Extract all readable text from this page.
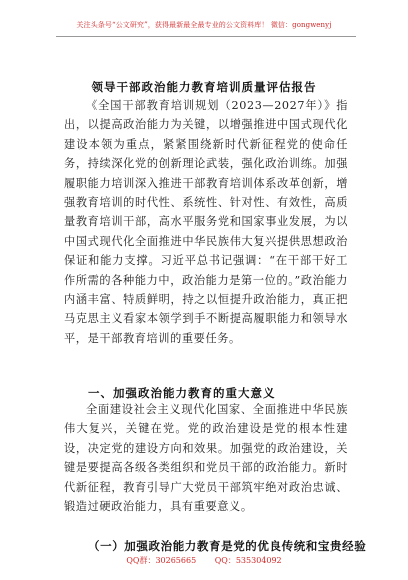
关注头条号“公文研究”，获得最新最全最专业的公文资料库！ 微信：gongwenyj
领导干部政治能力教育培训质量评估报告
《全国干部教育培训规划（2023—2027年）》指出，以提高政治能力为关键，以增强推进中国式现代化建设本领为重点，紧紧围绕新时代新征程党的使命任务，持续深化党的创新理论武装，强化政治训练。加强履职能力培训深入推进干部教育培训体系改革创新，增强教育培训的时代性、系统性、针对性、有效性，高质量教育培训干部，高水平服务党和国家事业发展，为以中国式现代化全面推进中华民族伟大复兴提供思想政治保证和能力支撑。习近平总书记强调：“在干部干好工作所需的各种能力中，政治能力是第一位的。”政治能力内涵丰富、特质鲜明，持之以恒提升政治能力，真正把马克思主义看家本领学到手不断提高履职能力和领导水平，是干部教育培训的重要任务。
一、加强政治能力教育的重大意义
全面建设社会主义现代化国家、全面推进中华民族伟大复兴，关键在党。党的政治建设是党的根本性建设，决定党的建设方向和效果。加强党的政治建设，关键是要提高各级各类组织和党员干部的政治能力。新时代新征程，教育引导广大党员干部筑牢绝对政治忠诚、锻造过硬政治能力，具有重要意义。
（一）加强政治能力教育是党的优良传统和宝贵经验
QQ群：30265665 QQ：535304092
